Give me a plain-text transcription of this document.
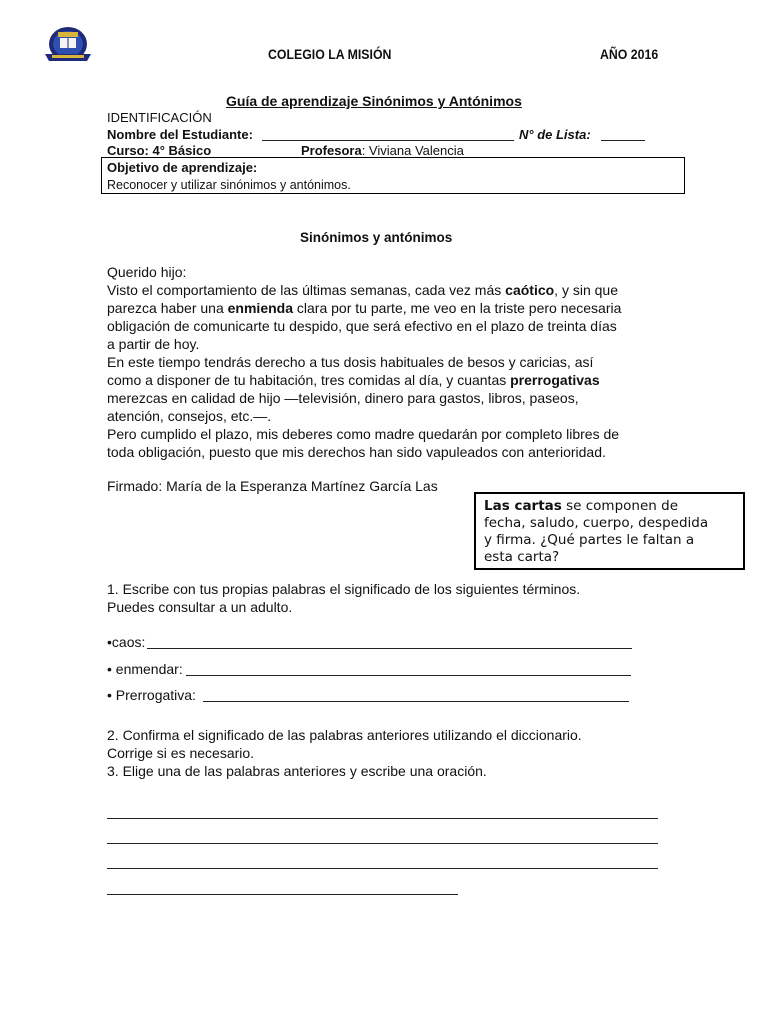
COLEGIO LA MISIÓN	AÑO 2016
Guía de aprendizaje Sinónimos y Antónimos
IDENTIFICACIÓN
Nombre del Estudiante:	N° de Lista:
Curso: 4° Básico	Profesora: Viviana Valencia
Objetivo de aprendizaje:
Reconocer y utilizar sinónimos y antónimos.
Sinónimos y antónimos
Querido hijo:
Visto el comportamiento de las últimas semanas, cada vez más caótico, y sin que
parezca haber una enmienda clara por tu parte, me veo en la triste pero necesaria
obligación de comunicarte tu despido, que será efectivo en el plazo de treinta días
a partir de hoy.
En este tiempo tendrás derecho a tus dosis habituales de besos y caricias, así
como a disponer de tu habitación, tres comidas al día, y cuantas prerrogativas
merezcas en calidad de hijo —televisión, dinero para gastos, libros, paseos,
atención, consejos, etc.—.
Pero cumplido el plazo, mis deberes como madre quedarán por completo libres de
toda obligación, puesto que mis derechos han sido vapuleados con anterioridad.
Firmado: María de la Esperanza Martínez García Las
Las cartas se componen de
fecha, saludo, cuerpo, despedida
y firma. ¿Qué partes le faltan a
esta carta?
1. Escribe con tus propias palabras el significado de los siguientes términos.
Puedes consultar a un adulto.
•caos:
• enmendar:
• Prerrogativa:
2. Confirma el significado de las palabras anteriores utilizando el diccionario.
Corrige si es necesario.
3. Elige una de las palabras anteriores y escribe una oración.
